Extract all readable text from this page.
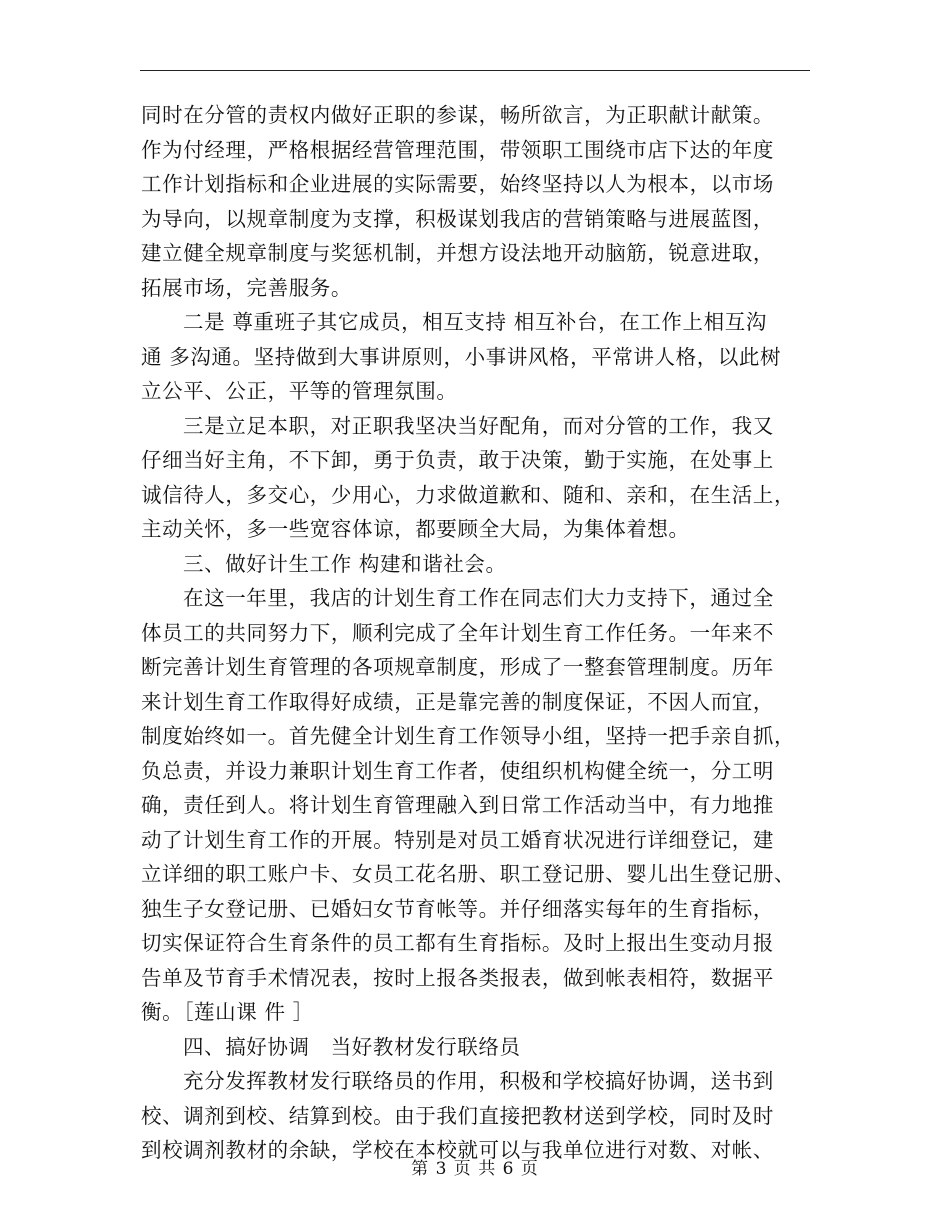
同时在分管的责权内做好正职的参谋，畅所欲言，为正职献计献策。
作为付经理，严格根据经营管理范围，带领职工围绕市店下达的年度
工作计划指标和企业进展的实际需要，始终坚持以人为根本，以市场
为导向，以规章制度为支撑，积极谋划我店的营销策略与进展蓝图，
建立健全规章制度与奖惩机制，并想方设法地开动脑筋，锐意进取，
拓展市场，完善服务。
二是 尊重班子其它成员，相互支持 相互补台，在工作上相互沟
通 多沟通。坚持做到大事讲原则，小事讲风格，平常讲人格，以此树
立公平、公正，平等的管理氛围。
三是立足本职，对正职我坚决当好配角，而对分管的工作，我又
仔细当好主角，不下卸，勇于负责，敢于决策，勤于实施，在处事上
诚信待人，多交心，少用心，力求做道歉和、随和、亲和，在生活上，
主动关怀，多一些宽容体谅，都要顾全大局，为集体着想。
三、做好计生工作 构建和谐社会。
在这一年里，我店的计划生育工作在同志们大力支持下，通过全
体员工的共同努力下，顺利完成了全年计划生育工作任务。一年来不
断完善计划生育管理的各项规章制度，形成了一整套管理制度。历年
来计划生育工作取得好成绩，正是靠完善的制度保证，不因人而宜，
制度始终如一。首先健全计划生育工作领导小组，坚持一把手亲自抓，
负总责，并设力兼职计划生育工作者，使组织机构健全统一，分工明
确，责任到人。将计划生育管理融入到日常工作活动当中，有力地推
动了计划生育工作的开展。特别是对员工婚育状况进行详细登记，建
立详细的职工账户卡、女员工花名册、职工登记册、婴儿出生登记册、
独生子女登记册、已婚妇女节育帐等。并仔细落实每年的生育指标，
切实保证符合生育条件的员工都有生育指标。及时上报出生变动月报
告单及节育手术情况表，按时上报各类报表，做到帐表相符，数据平
衡。［莲山课 件 ］
四、搞好协调　当好教材发行联络员
充分发挥教材发行联络员的作用，积极和学校搞好协调，送书到
校、调剂到校、结算到校。由于我们直接把教材送到学校，同时及时
到校调剂教材的余缺，学校在本校就可以与我单位进行对数、对帐、
第 3 页 共 6 页
